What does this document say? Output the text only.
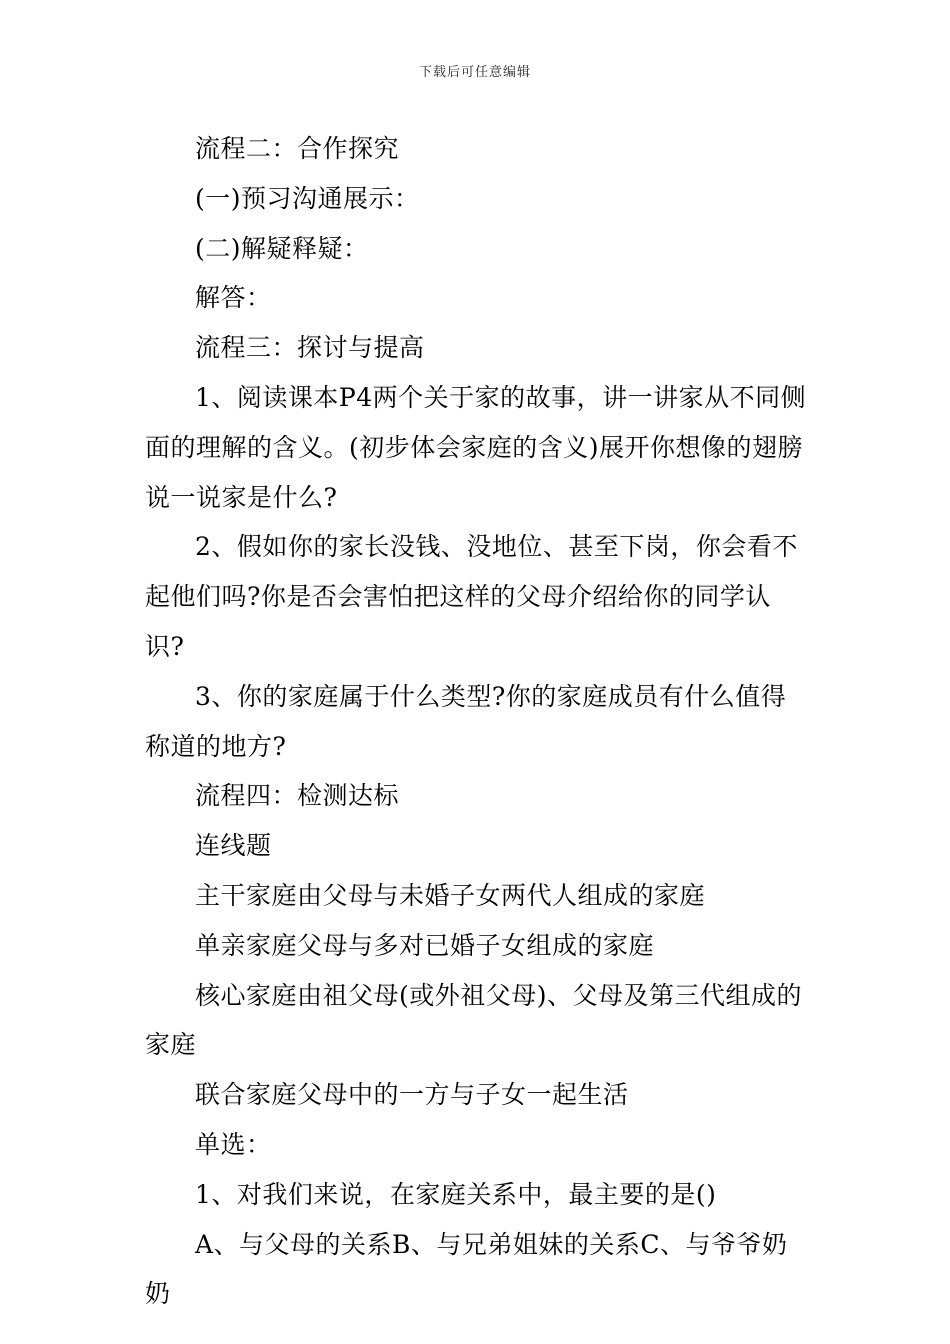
下载后可任意编辑

流程二：合作探究

(一)预习沟通展示：

(二)解疑释疑：

解答：

流程三：探讨与提高

1、阅读课本P4两个关于家的故事，讲一讲家从不同侧面的理解的含义。(初步体会家庭的含义)展开你想像的翅膀说一说家是什么?

2、假如你的家长没钱、没地位、甚至下岗，你会看不起他们吗?你是否会害怕把这样的父母介绍给你的同学认识?

3、你的家庭属于什么类型?你的家庭成员有什么值得称道的地方?

流程四：检测达标

连线题

主干家庭由父母与未婚子女两代人组成的家庭

单亲家庭父母与多对已婚子女组成的家庭

核心家庭由祖父母(或外祖父母)、父母及第三代组成的家庭

联合家庭父母中的一方与子女一起生活

单选：

1、对我们来说，在家庭关系中，最主要的是()

A、与父母的关系B、与兄弟姐妹的关系C、与爷爷奶奶
